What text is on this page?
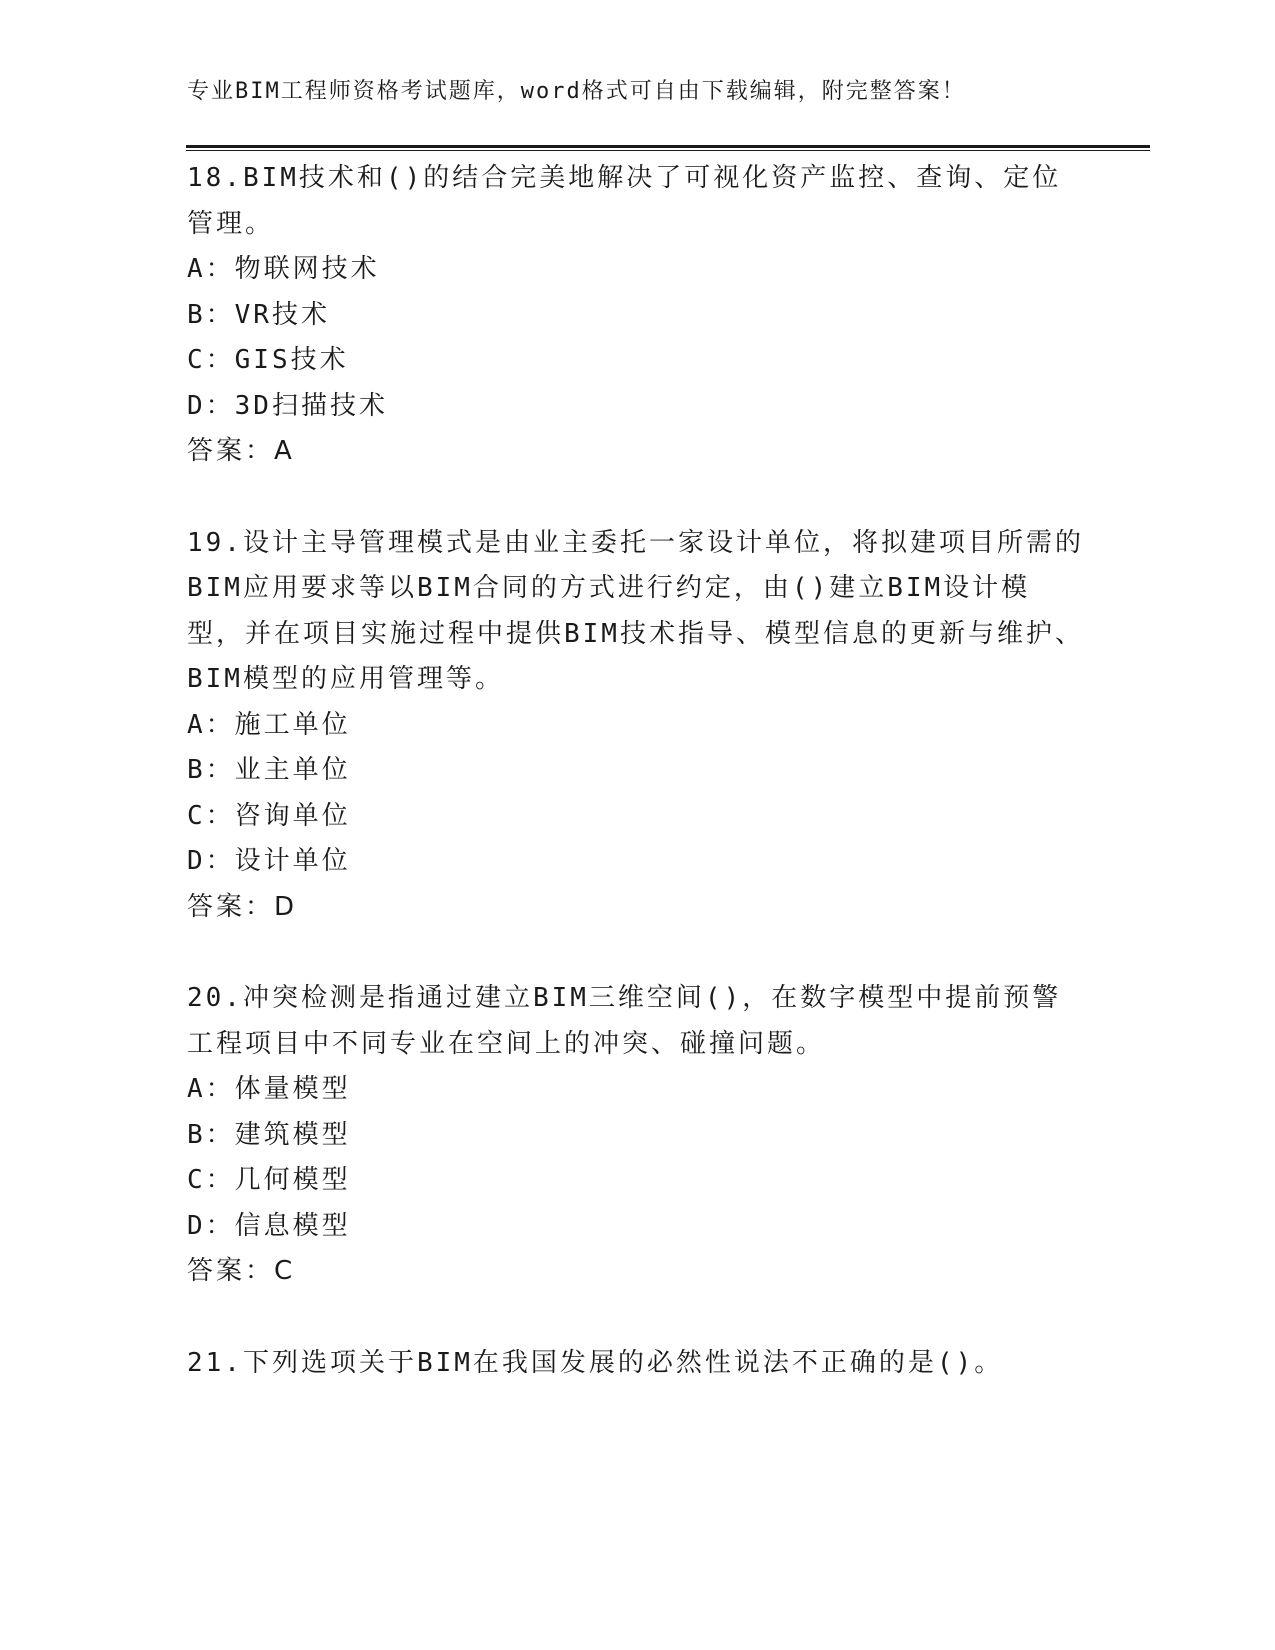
专业BIM工程师资格考试题库，word格式可自由下载编辑，附完整答案！

18.BIM技术和()的结合完美地解决了可视化资产监控、查询、定位管理。

A：物联网技术

B：VR技术

C：GIS技术

D：3D扫描技术

答案：A

19.设计主导管理模式是由业主委托一家设计单位，将拟建项目所需的BIM应用要求等以BIM合同的方式进行约定，由()建立BIM设计模型，并在项目实施过程中提供BIM技术指导、模型信息的更新与维护、BIM模型的应用管理等。

A：施工单位

B：业主单位

C：咨询单位

D：设计单位

答案：D

20.冲突检测是指通过建立BIM三维空间()，在数字模型中提前预警工程项目中不同专业在空间上的冲突、碰撞问题。

A：体量模型

B：建筑模型

C：几何模型

D：信息模型

答案：C

21.下列选项关于BIM在我国发展的必然性说法不正确的是()。
